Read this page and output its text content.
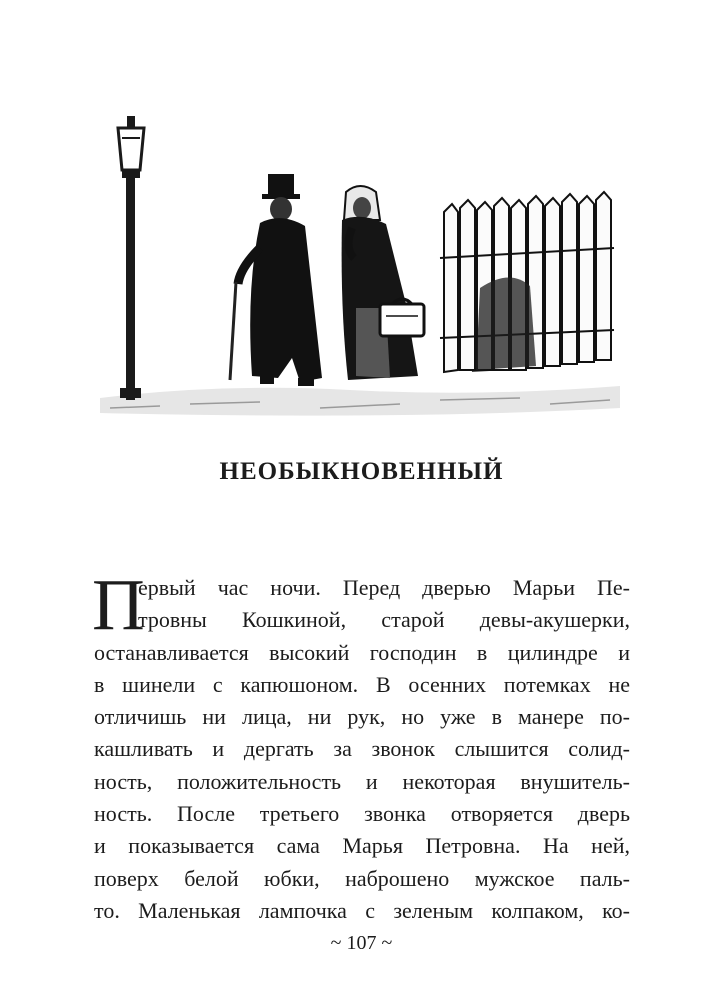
НЕОБЫКНОВЕННЫЙ
П
ервый час ночи. Перед дверью Марьи Пе-
тровны Кошкиной, старой девы-акушерки,
останавливается высокий господин в цилиндре и
в шинели с капюшоном. В осенних потемках не
отличишь ни лица, ни рук, но уже в манере по-
кашливать и дергать за звонок слышится солид-
ность, положительность и некоторая внушитель-
ность. После третьего звонка отворяется дверь
и показывается сама Марья Петровна. На ней,
поверх белой юбки, наброшено мужское паль-
то. Маленькая лампочка с зеленым колпаком, ко-

~ 107 ~
